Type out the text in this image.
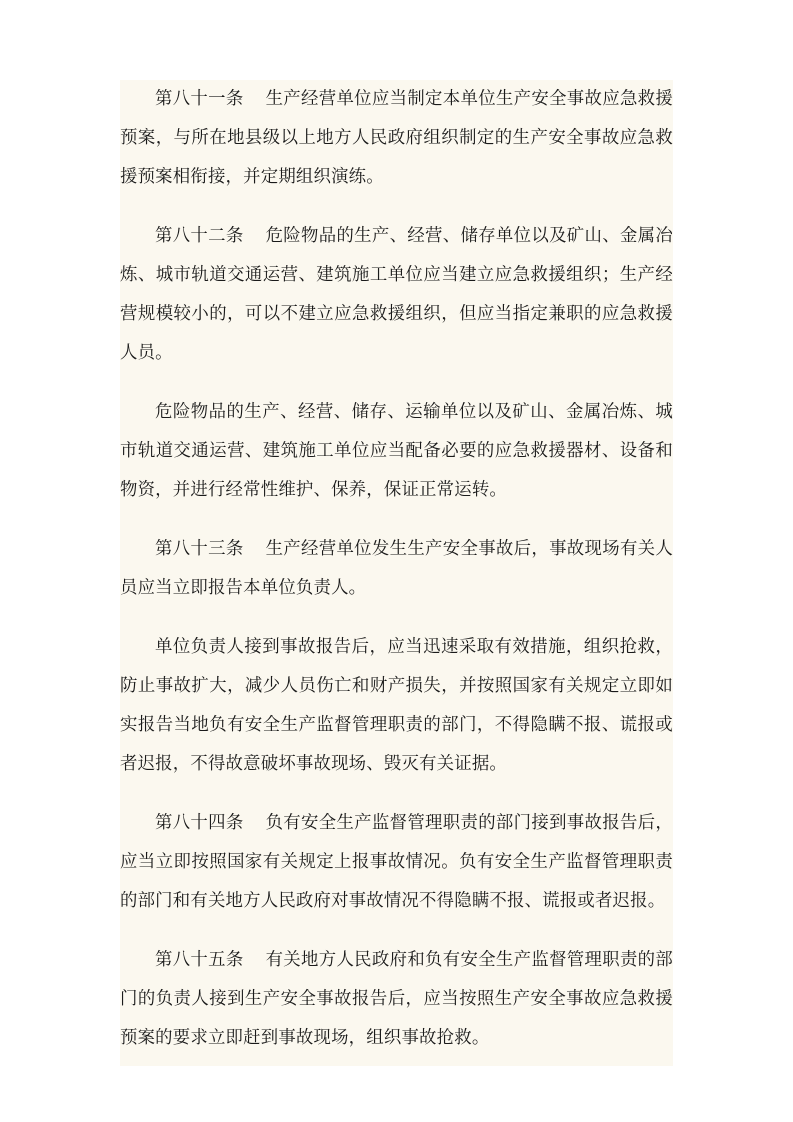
第八十一条 生产经营单位应当制定本单位生产安全事故应急救援预案，与所在地县级以上地方人民政府组织制定的生产安全事故应急救援预案相衔接，并定期组织演练。

第八十二条 危险物品的生产、经营、储存单位以及矿山、金属冶炼、城市轨道交通运营、建筑施工单位应当建立应急救援组织；生产经营规模较小的，可以不建立应急救援组织，但应当指定兼职的应急救援人员。

危险物品的生产、经营、储存、运输单位以及矿山、金属冶炼、城市轨道交通运营、建筑施工单位应当配备必要的应急救援器材、设备和物资，并进行经常性维护、保养，保证正常运转。

第八十三条 生产经营单位发生生产安全事故后，事故现场有关人员应当立即报告本单位负责人。

单位负责人接到事故报告后，应当迅速采取有效措施，组织抢救，防止事故扩大，减少人员伤亡和财产损失，并按照国家有关规定立即如实报告当地负有安全生产监督管理职责的部门，不得隐瞒不报、谎报或者迟报，不得故意破坏事故现场、毁灭有关证据。

第八十四条 负有安全生产监督管理职责的部门接到事故报告后，应当立即按照国家有关规定上报事故情况。负有安全生产监督管理职责的部门和有关地方人民政府对事故情况不得隐瞒不报、谎报或者迟报。

第八十五条 有关地方人民政府和负有安全生产监督管理职责的部门的负责人接到生产安全事故报告后，应当按照生产安全事故应急救援预案的要求立即赶到事故现场，组织事故抢救。
